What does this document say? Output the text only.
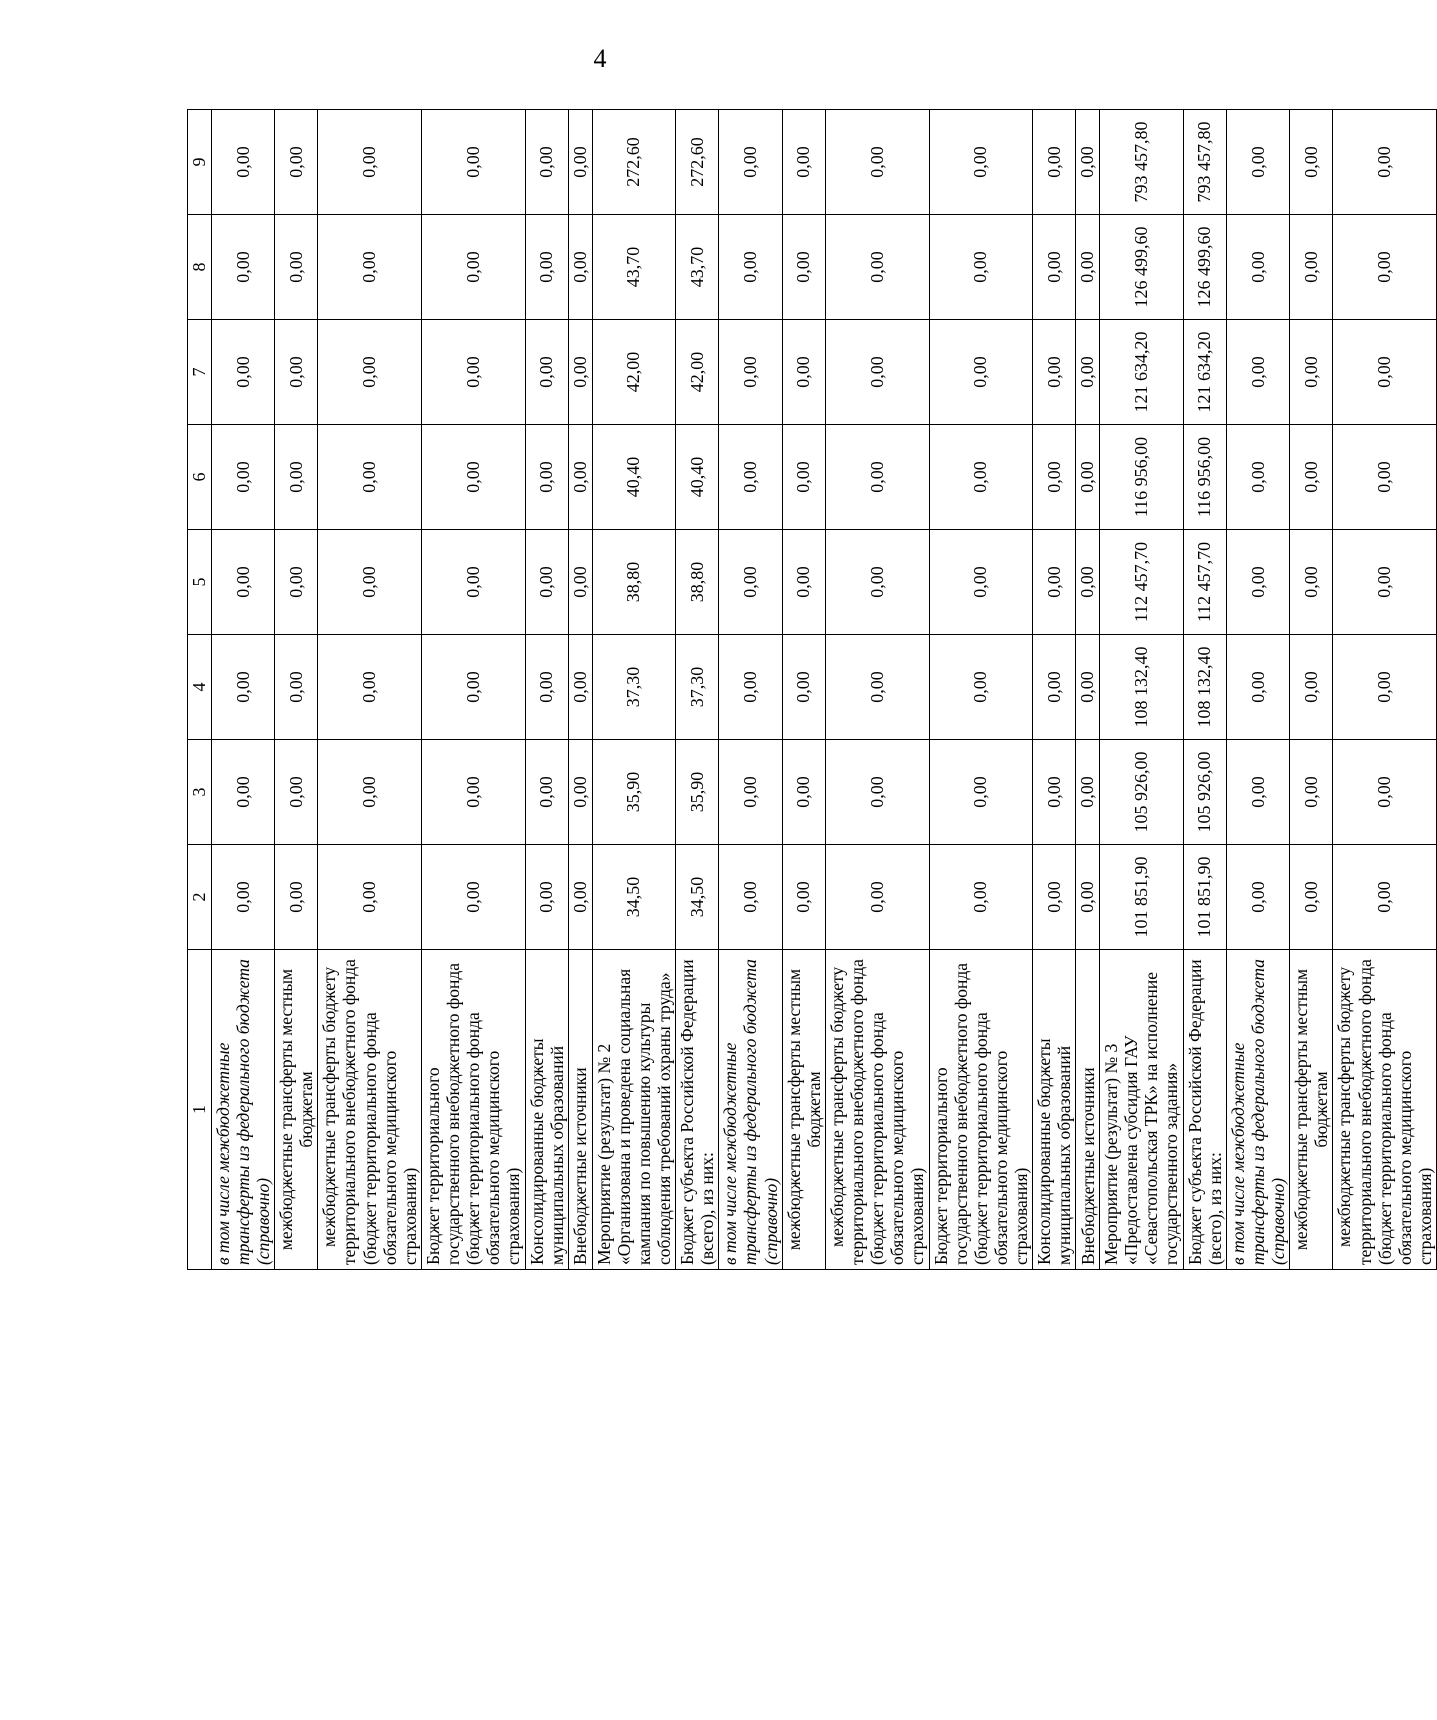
4
1	2	3	4	5	6	7	8	9
в том числе межбюджетные трансферты из федерального бюджета (справочно)	0,00	0,00	0,00	0,00	0,00	0,00	0,00	0,00
межбюджетные трансферты местным бюджетам	0,00	0,00	0,00	0,00	0,00	0,00	0,00	0,00
межбюджетные трансферты бюджету территориального внебюджетного фонда (бюджет территориального фонда обязательного медицинского страхования)	0,00	0,00	0,00	0,00	0,00	0,00	0,00	0,00
Бюджет территориального государственного внебюджетного фонда (бюджет территориального фонда обязательного медицинского страхования)	0,00	0,00	0,00	0,00	0,00	0,00	0,00	0,00
Консолидированные бюджеты муниципальных образований	0,00	0,00	0,00	0,00	0,00	0,00	0,00	0,00
Внебюджетные источники	0,00	0,00	0,00	0,00	0,00	0,00	0,00	0,00
Мероприятие (результат) № 2 «Организована и проведена социальная кампания по повышению культуры соблюдения требований охраны труда»	34,50	35,90	37,30	38,80	40,40	42,00	43,70	272,60
Бюджет субъекта Российской Федерации (всего), из них:	34,50	35,90	37,30	38,80	40,40	42,00	43,70	272,60
в том числе межбюджетные трансферты из федерального бюджета (справочно)	0,00	0,00	0,00	0,00	0,00	0,00	0,00	0,00
межбюджетные трансферты местным бюджетам	0,00	0,00	0,00	0,00	0,00	0,00	0,00	0,00
межбюджетные трансферты бюджету территориального внебюджетного фонда (бюджет территориального фонда обязательного медицинского страхования)	0,00	0,00	0,00	0,00	0,00	0,00	0,00	0,00
Бюджет территориального государственного внебюджетного фонда (бюджет территориального фонда обязательного медицинского страхования)	0,00	0,00	0,00	0,00	0,00	0,00	0,00	0,00
Консолидированные бюджеты муниципальных образований	0,00	0,00	0,00	0,00	0,00	0,00	0,00	0,00
Внебюджетные источники	0,00	0,00	0,00	0,00	0,00	0,00	0,00	0,00
Мероприятие (результат) № 3 «Предоставлена субсидия ГАУ «Севастопольская ТРК» на исполнение государственного задания»	101 851,90	105 926,00	108 132,40	112 457,70	116 956,00	121 634,20	126 499,60	793 457,80
Бюджет субъекта Российской Федерации (всего), из них:	101 851,90	105 926,00	108 132,40	112 457,70	116 956,00	121 634,20	126 499,60	793 457,80
в том числе межбюджетные трансферты из федерального бюджета (справочно)	0,00	0,00	0,00	0,00	0,00	0,00	0,00	0,00
межбюджетные трансферты местным бюджетам	0,00	0,00	0,00	0,00	0,00	0,00	0,00	0,00
межбюджетные трансферты бюджету территориального внебюджетного фонда (бюджет территориального фонда обязательного медицинского страхования)	0,00	0,00	0,00	0,00	0,00	0,00	0,00	0,00
